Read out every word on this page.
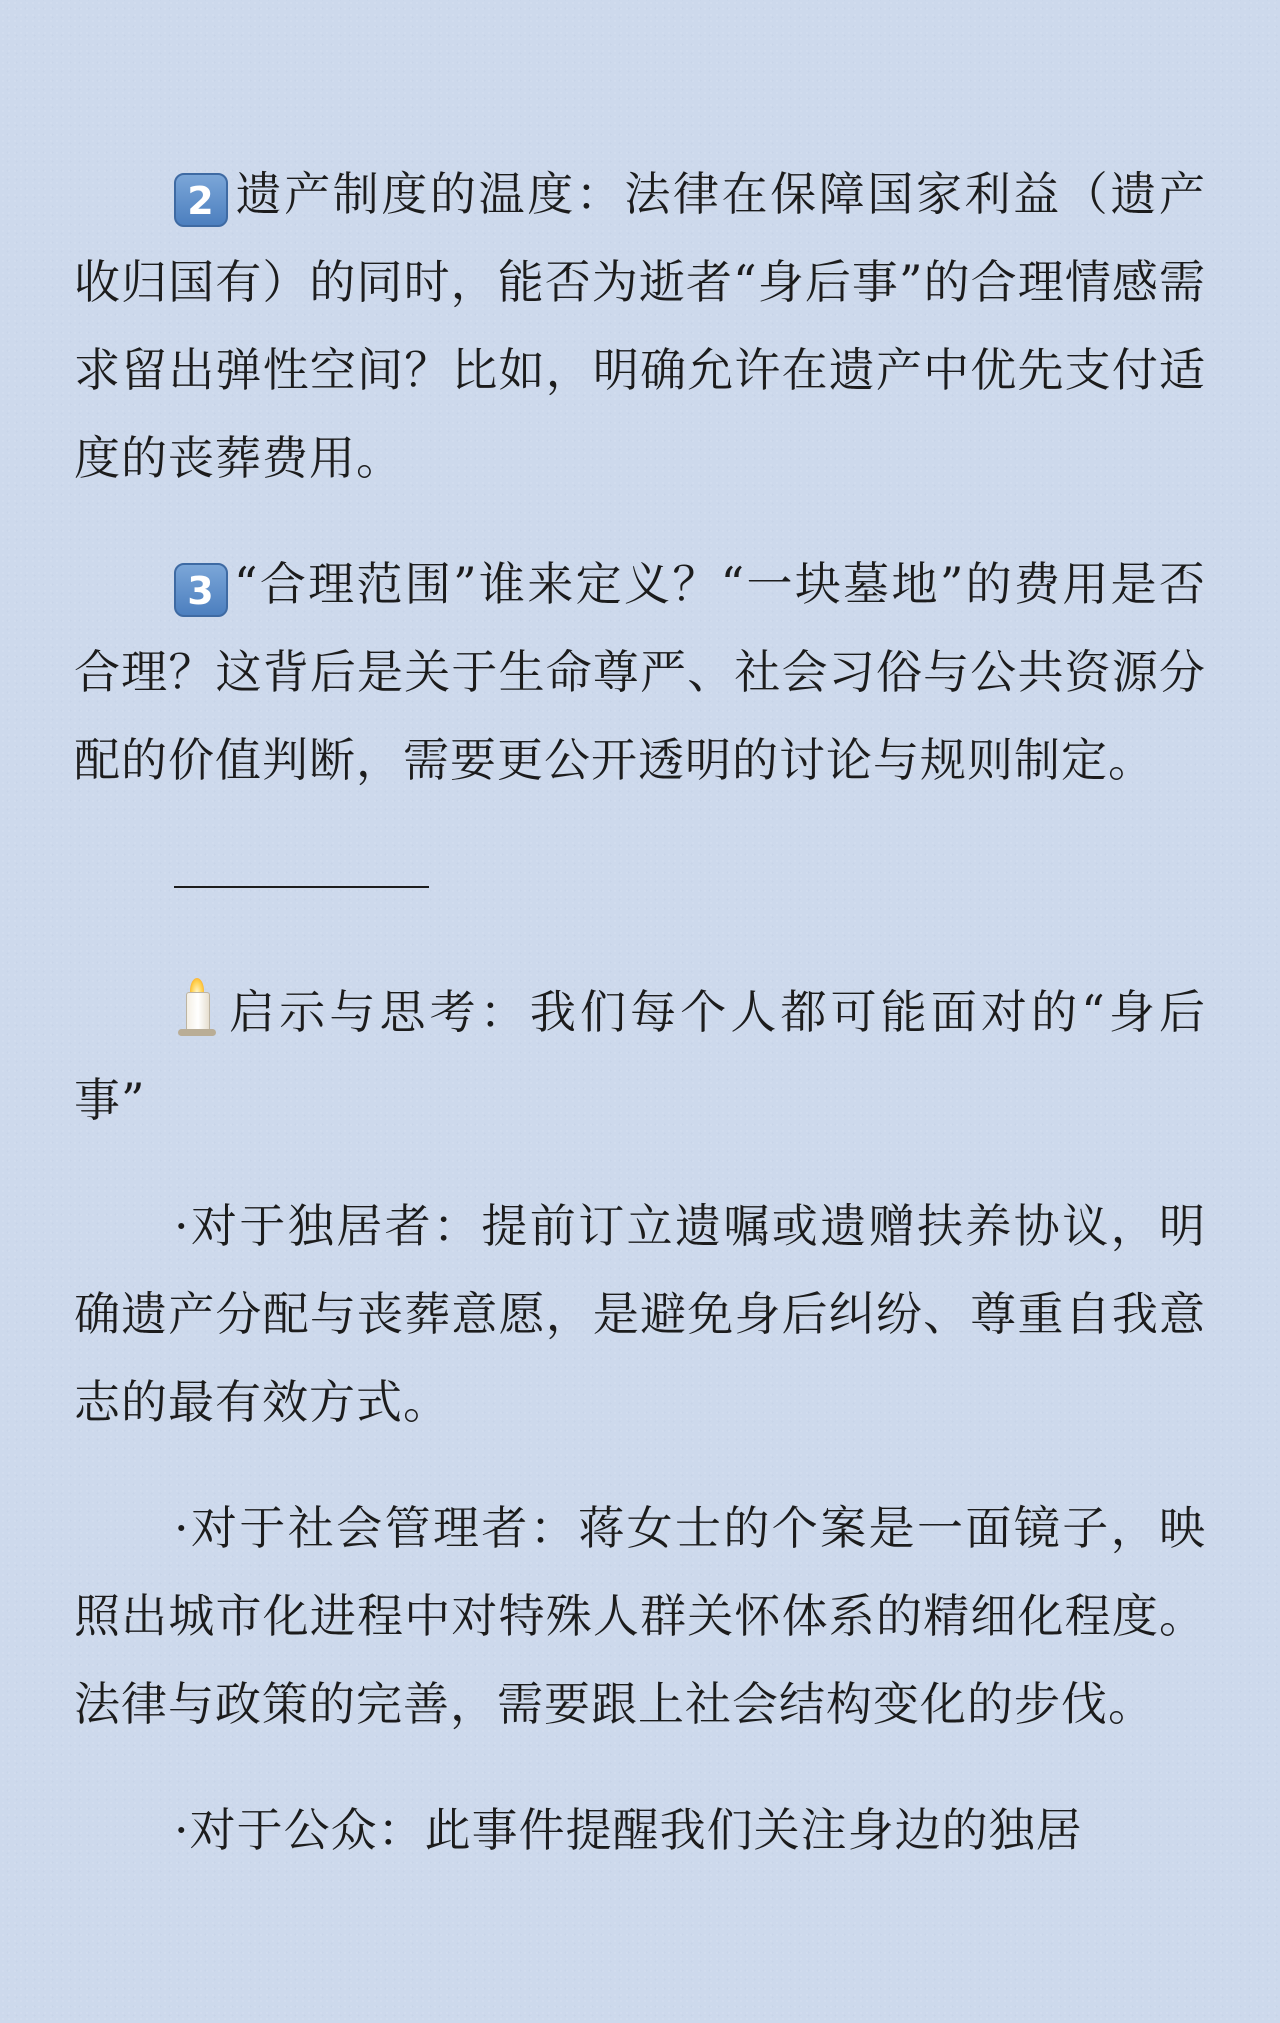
2 遗产制度的温度：法律在保障国家利益（遗产收归国有）的同时，能否为逝者“身后事”的合理情感需求留出弹性空间？比如，明确允许在遗产中优先支付适度的丧葬费用。

3 “合理范围”谁来定义？“一块墓地”的费用是否合理？这背后是关于生命尊严、社会习俗与公共资源分配的价值判断，需要更公开透明的讨论与规则制定。

启示与思考：我们每个人都可能面对的“身后事”

·对于独居者：提前订立遗嘱或遗赠扶养协议，明确遗产分配与丧葬意愿，是避免身后纠纷、尊重自我意志的最有效方式。

·对于社会管理者：蒋女士的个案是一面镜子，映照出城市化进程中对特殊人群关怀体系的精细化程度。法律与政策的完善，需要跟上社会结构变化的步伐。

·对于公众：此事件提醒我们关注身边的独居
